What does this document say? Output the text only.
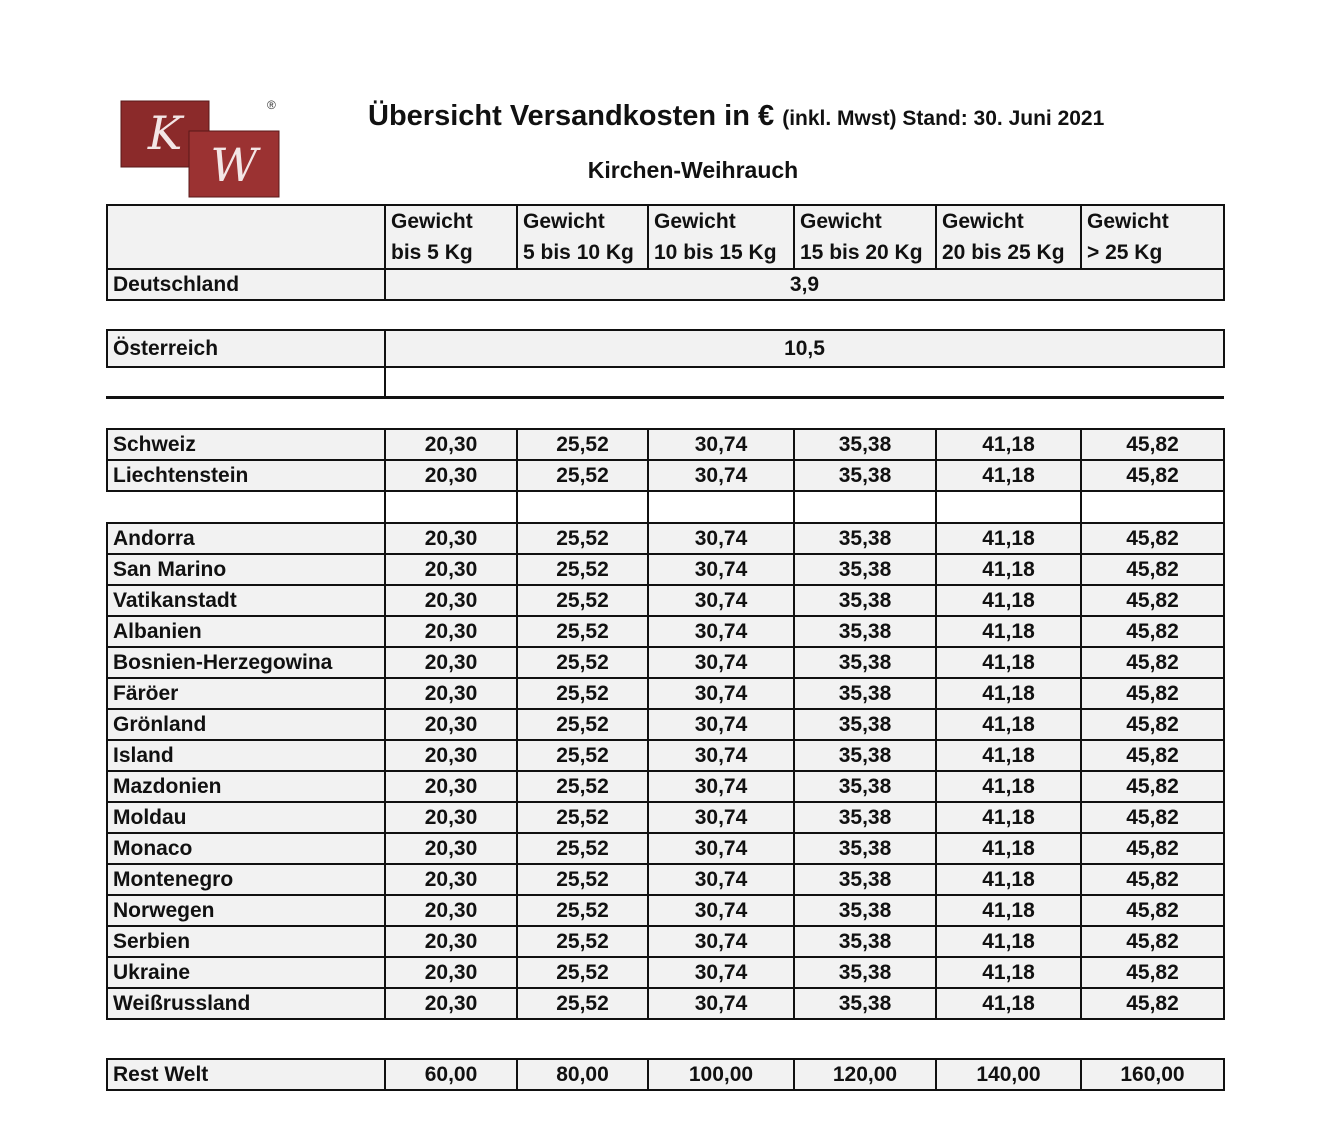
K
W
®	Übersicht Versandkosten in € (inkl. Mwst) Stand: 30. Juni 2021
Kirchen-Weihrauch

	Gewicht
bis 5 Kg	Gewicht
5 bis 10 Kg	Gewicht
10 bis 15 Kg	Gewicht
15 bis 20 Kg	Gewicht
20 bis 25 Kg	Gewicht
> 25 Kg

Deutschland	3,9					
Österreich	10,5

Schweiz	20,30	25,52	30,74	35,38	41,18	45,82
Liechtenstein	20,30	25,52	30,74	35,38	41,18	45,82

Andorra	20,30	25,52	30,74	35,38	41,18	45,82
San Marino	20,30	25,52	30,74	35,38	41,18	45,82
Vatikanstadt	20,30	25,52	30,74	35,38	41,18	45,82
Albanien	20,30	25,52	30,74	35,38	41,18	45,82
Bosnien-Herzegowina	20,30	25,52	30,74	35,38	41,18	45,82
Färöer	20,30	25,52	30,74	35,38	41,18	45,82
Grönland	20,30	25,52	30,74	35,38	41,18	45,82
Island	20,30	25,52	30,74	35,38	41,18	45,82
Mazdonien	20,30	25,52	30,74	35,38	41,18	45,82
Moldau	20,30	25,52	30,74	35,38	41,18	45,82
Monaco	20,30	25,52	30,74	35,38	41,18	45,82
Montenegro	20,30	25,52	30,74	35,38	41,18	45,82
Norwegen	20,30	25,52	30,74	35,38	41,18	45,82
Serbien	20,30	25,52	30,74	35,38	41,18	45,82
Ukraine	20,30	25,52	30,74	35,38	41,18	45,82
Weißrussland	20,30	25,52	30,74	35,38	41,18	45,82
Rest Welt	60,00	80,00	100,00	120,00	140,00	160,00
